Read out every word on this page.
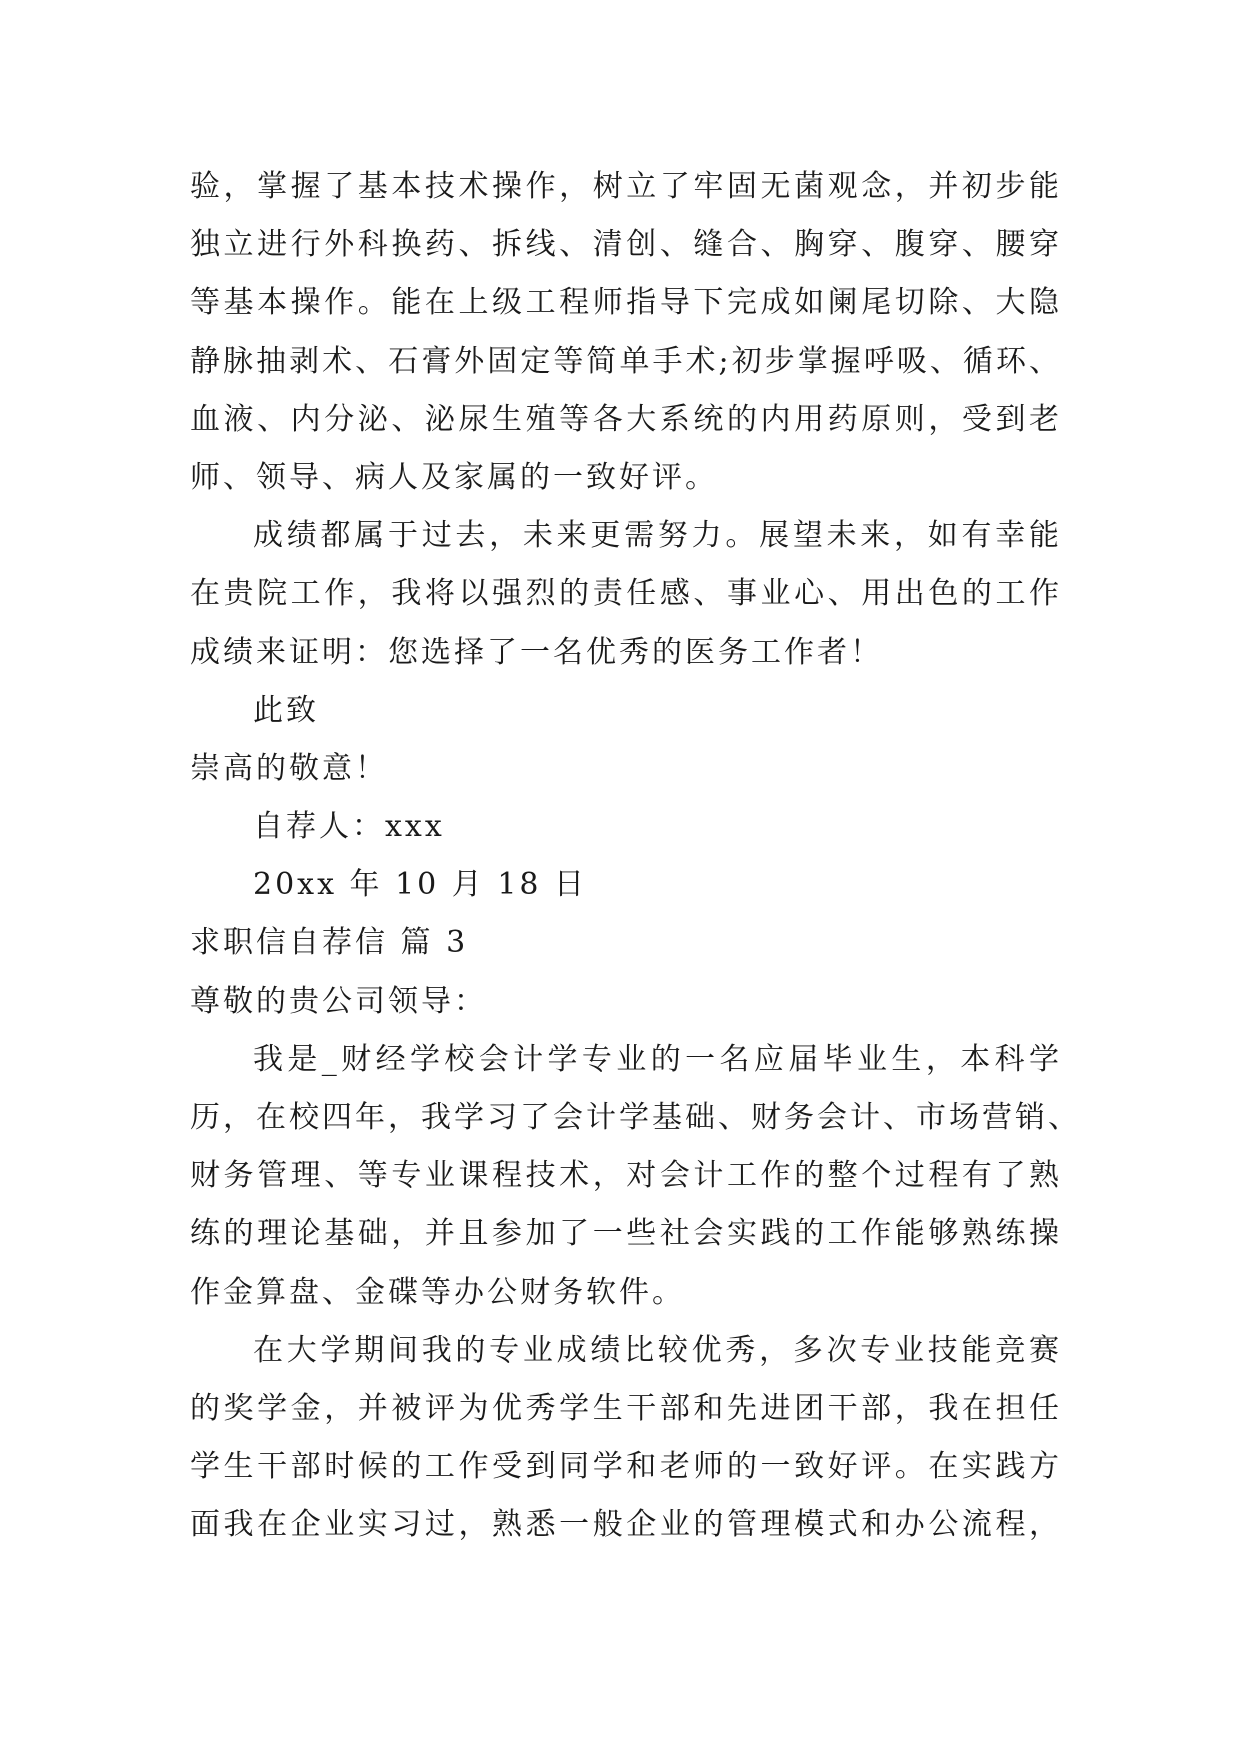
验，掌握了基本技术操作，树立了牢固无菌观念，并初步能
独立进行外科换药、拆线、清创、缝合、胸穿、腹穿、腰穿
等基本操作。能在上级工程师指导下完成如阑尾切除、大隐
静脉抽剥术、石膏外固定等简单手术;初步掌握呼吸、循环、
血液、内分泌、泌尿生殖等各大系统的内用药原则，受到老
师、领导、病人及家属的一致好评。
成绩都属于过去，未来更需努力。展望未来，如有幸能
在贵院工作，我将以强烈的责任感、事业心、用出色的工作
成绩来证明：您选择了一名优秀的医务工作者！
此致
崇高的敬意！
自荐人：xxx
20xx 年 10 月 18 日
求职信自荐信 篇 3
尊敬的贵公司领导：
我是_财经学校会计学专业的一名应届毕业生，本科学
历，在校四年，我学习了会计学基础、财务会计、市场营销、
财务管理、等专业课程技术，对会计工作的整个过程有了熟
练的理论基础，并且参加了一些社会实践的工作能够熟练操
作金算盘、金碟等办公财务软件。
在大学期间我的专业成绩比较优秀，多次专业技能竞赛
的奖学金，并被评为优秀学生干部和先进团干部，我在担任
学生干部时候的工作受到同学和老师的一致好评。在实践方
面我在企业实习过，熟悉一般企业的管理模式和办公流程，
